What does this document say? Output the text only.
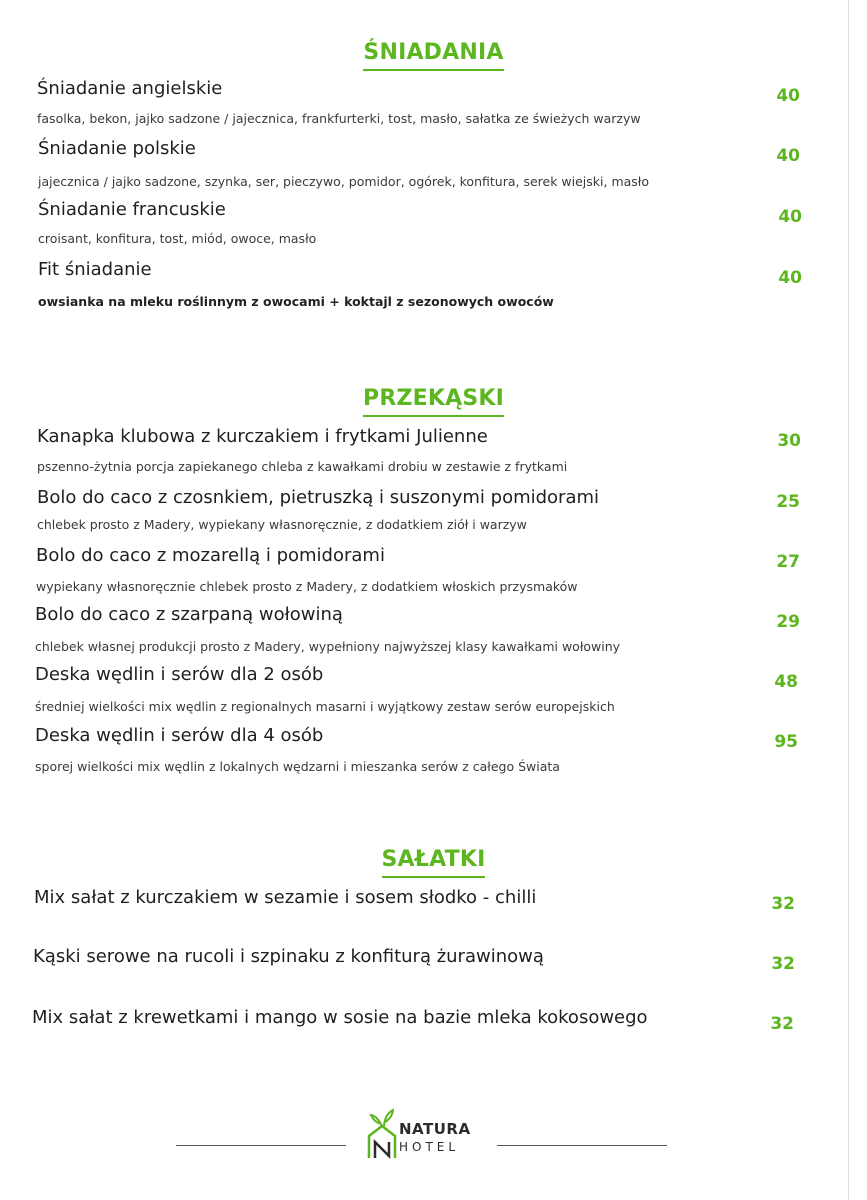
ŚNIADANIA
Śniadanie angielskie
fasolka, bekon, jajko sadzone / jajecznica, frankfurterki, tost, masło, sałatka ze świeżych warzyw
40
Śniadanie polskie
jajecznica / jajko sadzone, szynka, ser, pieczywo, pomidor, ogórek, konfitura, serek wiejski, masło
40
Śniadanie francuskie
croisant, konfitura, tost, miód, owoce, masło
40
Fit śniadanie
owsianka na mleku roślinnym z owocami + koktajl z sezonowych owoców
40
PRZEKĄSKI
Kanapka klubowa z kurczakiem i frytkami Julienne
pszenno-żytnia porcja zapiekanego chleba z kawałkami drobiu w zestawie z frytkami
30
Bolo do caco z czosnkiem, pietruszką i suszonymi pomidorami
chlebek prosto z Madery, wypiekany własnoręcznie, z dodatkiem ziół i warzyw
25
Bolo do caco z mozarellą i pomidorami
wypiekany własnoręcznie chlebek prosto z Madery, z dodatkiem włoskich przysmaków
27
Bolo do caco z szarpaną wołowiną
chlebek własnej produkcji prosto z Madery, wypełniony najwyższej klasy kawałkami wołowiny
29
Deska wędlin i serów dla 2 osób
średniej wielkości mix wędlin z regionalnych masarni i wyjątkowy zestaw serów europejskich
48
Deska wędlin i serów dla 4 osób
sporej wielkości mix wędlin z lokalnych wędzarni i mieszanka serów z całego Świata
95
SAŁATKI
Mix sałat z kurczakiem w sezamie i sosem słodko - chilli	32
Kąski serowe na rucoli i szpinaku z konfiturą żurawinową	32
Mix sałat z krewetkami i mango w sosie na bazie mleka kokosowego	32
NATURA
HOTEL
